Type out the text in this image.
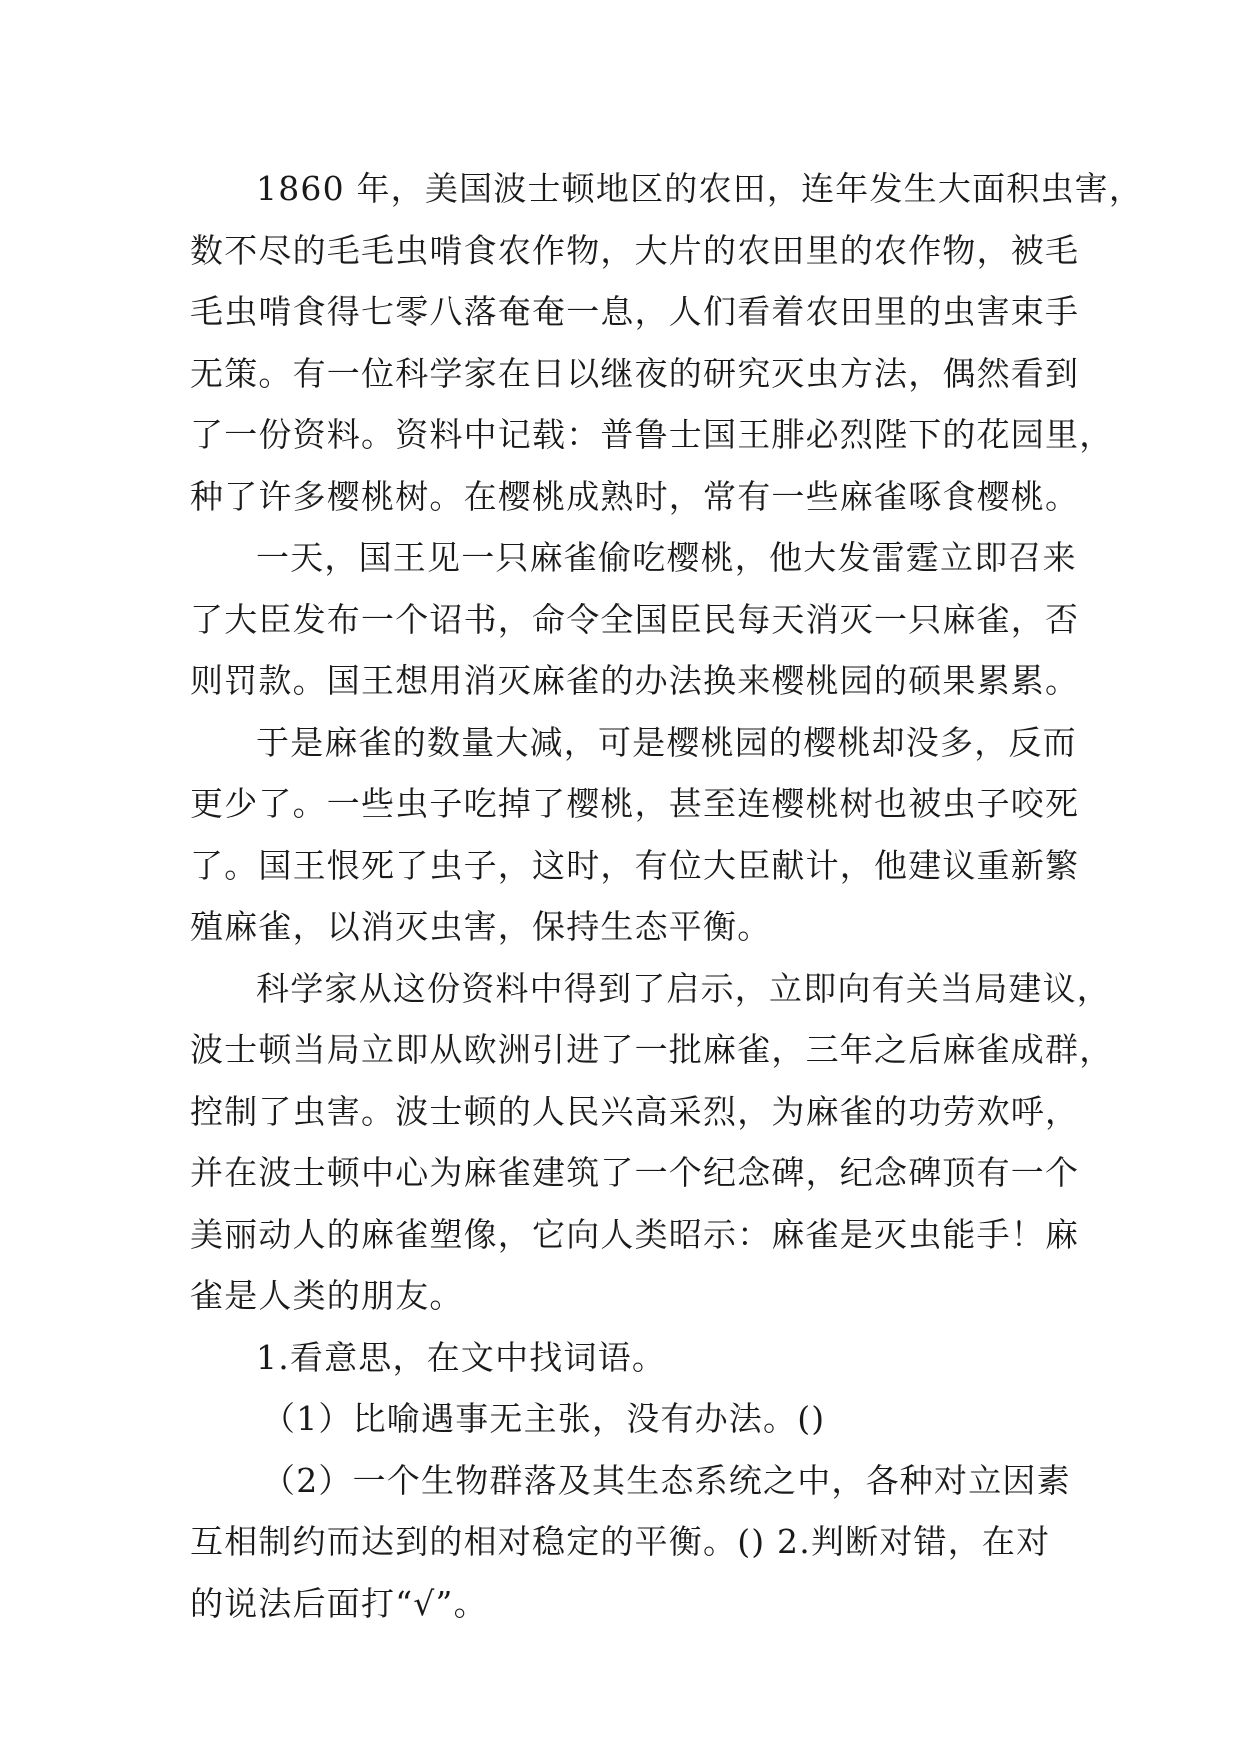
1860 年，美国波士顿地区的农田，连年发生大面积虫害，
数不尽的毛毛虫啃食农作物，大片的农田里的农作物，被毛
毛虫啃食得七零八落奄奄一息，人们看着农田里的虫害束手
无策。有一位科学家在日以继夜的研究灭虫方法，偶然看到
了一份资料。资料中记载：普鲁士国王腓必烈陛下的花园里，
种了许多樱桃树。在樱桃成熟时，常有一些麻雀啄食樱桃。
一天，国王见一只麻雀偷吃樱桃，他大发雷霆立即召来
了大臣发布一个诏书，命令全国臣民每天消灭一只麻雀，否
则罚款。国王想用消灭麻雀的办法换来樱桃园的硕果累累。
于是麻雀的数量大减，可是樱桃园的樱桃却没多，反而
更少了。一些虫子吃掉了樱桃，甚至连樱桃树也被虫子咬死
了。国王恨死了虫子，这时，有位大臣献计，他建议重新繁
殖麻雀，以消灭虫害，保持生态平衡。
科学家从这份资料中得到了启示，立即向有关当局建议，
波士顿当局立即从欧洲引进了一批麻雀，三年之后麻雀成群，
控制了虫害。波士顿的人民兴高采烈，为麻雀的功劳欢呼，
并在波士顿中心为麻雀建筑了一个纪念碑，纪念碑顶有一个
美丽动人的麻雀塑像，它向人类昭示：麻雀是灭虫能手！麻
雀是人类的朋友。
1.看意思，在文中找词语。
（1）比喻遇事无主张，没有办法。()
（2）一个生物群落及其生态系统之中，各种对立因素
互相制约而达到的相对稳定的平衡。() 2.判断对错，在对
的说法后面打“√”。
